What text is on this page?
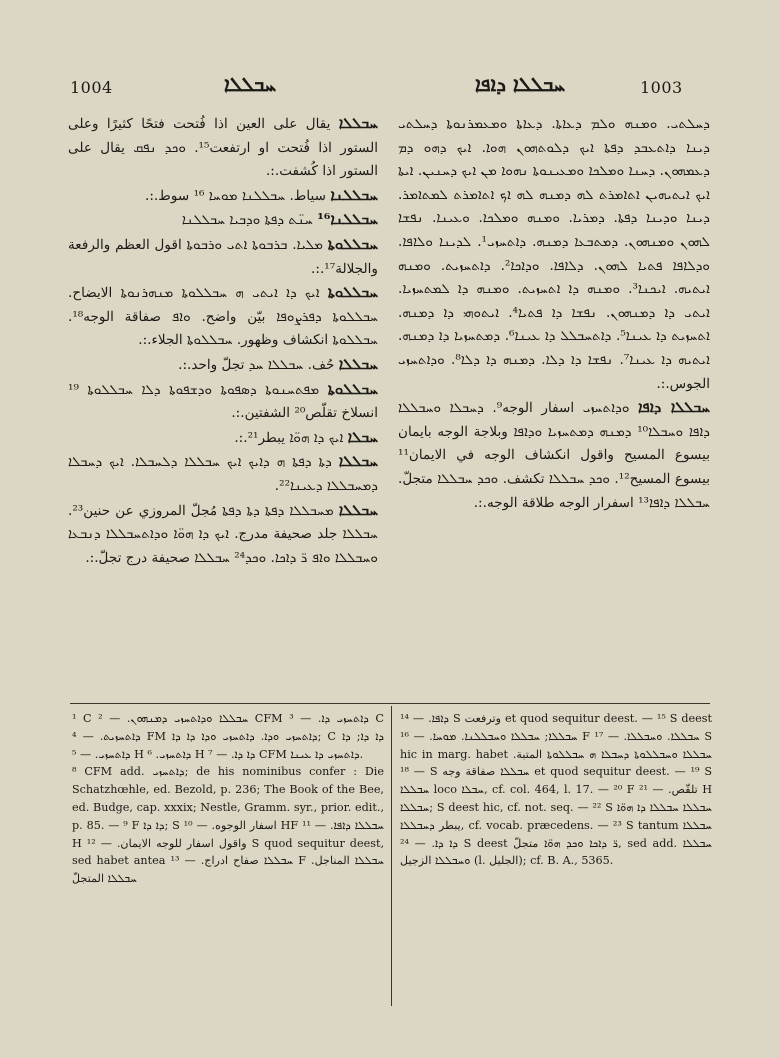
1004	ܚܒܠܠܐ	ܚܒܠܠܐ ܕܐܦܐ	1003

ܚܒܠܠܐ يقال على العين اذا فُتحت فتحًا كثيرًا وعلى الستور اذا فُتحت او ارتفعت¹⁵. ܘܟܕ ܢܦܩ يقال على الستور اذا كُشفت.:.

ܚܒܠܠܢܐ سياط. ܚܒܠܠܢܐ ܡܘܚܐ ¹⁶ سوط.:.

ܚܒܠܠܢܐ¹⁶ ܚܢ̈ܬ ܕܦܬܐ ܘܕܒܝܐ ܚܒܠܠܢܐ

ܚܒܠܠܘܬܐ ܡܠܝܐ. ܒܪܒܘܬܐ ܐܬܝ ܘܪܒܘܬܐ اقول العظم والرفعة والجلالة¹⁷.:.

ܚܒܠܠܘܬܐ ܐܝܟ ܕܐ ܐܝܬܝ ܗ ܚܒܠܠܘܬܐ ܡܢܗܪܢܘܬܐ الايضاح. ܚܒܠܠܘܬܐ ܕܦܪܨܘܦܐ بيّن واضح. ܘܐܦ صفاقة الوجه¹⁸. ܚܒܠܠܘܬܐ انكشاف وظهور. ܚܒܠܠܘܬܐ الجلاء.:.

ܚܒܠܠܐ حُف. ܚܒܠܠܐ ܚܕ تجلّ واحد.:.

ܚܒܠܠܘܬܐ ܡܦܬܚܢܘܬܐ ܕܣܦܘܬܐ ܘܕܫܦܘܬܐ ܕܠܐ ܚܒܠܠܘܬܐ ¹⁹ انسلاخ تقلّص²⁰ الشفتين.:.

ܚܒܠܐ ܐܝܟ ܕܐ ܗܘ̈ܐ يبطر²¹.:.

ܚܒܠܠܐ ܕܬܐ ܕܦܬܐ ܗ ܕܐܝܟ ܐܝܟ ܚܒܠܠܐ ܕܠܚܒܠܐ. ܐܝܟ ܕܚܒܠܐ ܕܡܚܒܠܠܐ ܕܥܝܢܐ²².

ܚܒܠܠܐ ܡܚܒܠܠܐ ܕܦܬܐ ܕܬܐ ܕܦܬܐ مُجلّ المروزي عن حنين²³. ܚܒܠܠܐ جلد صحيفة مدرج. ܐܝܟ ܕܐ ܗܘ̈ܐ ܘܕܐܬܚܒܠܠܐ ܕܢܒܥܐ ܘܚܒܠܠܐ ܘܐܦ ܪ̈ ܕܐܟܐ. ܘܟܕ²⁴ ܚܒܠܠܐ صحيفة درج تجلّ.:.

ܕܚܠܬܝ. ܘܡܢܗ ܘܠܡ ܕܥܐܬܐ. ܕܥܐܬܐ ܘܡܥܡܪܢܘܬܐ ܕܚܠܬܝ ܕܝܢܐ ܕܐܬܥܒܕ ܕܦܬܐ ܐܝܟ ܕܠܘܬܗܘܢ ܗܘܐ. ܐܝܟ ܕܗܘ ܕܡ ܕܥܡܗܘܢ. ܕܚܢܐ ܘܡܠܟܐ ܘܡܥܝܢܘܬܐ ܢܗܘܐ ܡܢ ܐܝܟ ܕܚܢܝܢ. ܐܝܬܐ ܐܝܟ ܐܝܬܝܗܝܢ ܐܬܐܡܪܬ ܠܗ ܕܡܢܗ ܠܗ ܐܟ ܐܬܐܡܪܬ ܠܡܬܐܡܪ. ܕܝܢܐ ܘܕܝܢܐ ܕܦܬܐ. ܕܡܪܝܐ. ܘܡܢܗ ܘܡܠܟܐ. ܘܥܝܢܐ. ܢܦܫܐ ܠܗܘܢ ܘܡܢܗܘܢ. ܕܡܬܒܥܐ ܕܡܢܗ. ܕܐܬܚܙܝ¹. ܠܕܝܢܐ ܘܠܐܦܐ. ܘܕܠܐܦܐ ܦܬܝܐ ܠܗܘܢ. ܕܠܐܦܐ. ܘܕܐܟܐ². ܕܐܬܚܙܝܬ. ܘܡܢܗ ܐܝܬܝܗ. ܐܝܟܢܐ³. ܘܡܢܗ ܕܐ ܐܬܚܙܝܬ. ܘܡܢܗ ܕܐ ܠܡܬܚܙܝܐ. ܐܝܬܝ ܕܐ ܕܡܢܗܘܢ. ܢܦܫܐ ܕܐ ܦܬܝܐ⁴. ܐܝܬܘܗܝ ܕܐ ܕܡܢܗ. ܐܬܚܙܝܬ ܕܐ ܥܝܢܐ⁵. ܕܐܬܚܒܠܠ ܕܐ ܥܝܢܐ⁶. ܕܡܬܚܙܝܐ ܕܐ ܕܡܢܗ. ܐܝܬܝܗ ܕܐ ܥܝܢܐ⁷. ܢܦܫܐ ܕܐ ܕܠܐ. ܕܡܢܗ ܕܐ ܕܠܐ⁸. ܘܕܐܬܚܙܝ الجوس.:.

ܚܒܠܠܐ ܕܐܦܐ ܘܕܐܬܚܙܝ اسفار الوجه⁹. ܕܚܒܠܐ ܘܚܒܠܠܐ ܕܐܦܐ ܘܚܒܠܐ¹⁰ ܕܡܢܗ ܕܡܬܚܙܝܐ ܘܕܐܦܐ وبلاجة الوجه بايمان بيسوع المسيح واقول انكشاف الوجه في الايمان¹¹ بيسوع المسيح¹². ܘܟܕ ܚܒܠܠܐ تكشف. ܘܟܕ ܚܒܠܠܐ متجلّ. ܚܒܠܠܐ ܕܐܦܐ¹³ اسفرار الوجه طلاقة الوجه.:.

¹ C ܚܒܠܠܐ ܘܕܐܬܚܙܝ ܕܡܢܗܘܢ. — ² CFM ܕܐܬܚܙܝ ܕܐ. — ³ C ܕܐܬܚܙܝܬ. — ⁴ FM ܕܐܬܚܙܝ ܘܕܐ. ܕܐܬܚܙܝ ܘܕܐ ܕܐ ܕܐ; C ܕܐ ܕܐ; ܕܐ ܕܐܬܚܙܝ. — ⁵ H ܕܐܬܚܙܝ. ⁶ H ܕܐ ܕܐ. — ⁷ CFM ܕܐܬܚܙܝ ܕܐ ܥܝܢܐ.

⁸ CFM add. ܕܐܬܚܙܝ; de his nominibus confer : Die Schatzhœhle, ed. Bezold, p. 236; The Book of the Bee, ed. Budge, cap. xxxix; Nestle, Gramm. syr., prior. edit., p. 85. — ⁹ F ܕܐ ܕܐ; S اسفار الوجوه. — ¹⁰ HF ܚܒܠܠܐ ܕܐܦܐ. — ¹¹ H واقول اسفار للوجه الايمان. — ¹² S quod sequitur deest, sed habet antea ܚܒܠܠܐ صفاح ادراج. — ¹³ F ܚܒܠܠܐ المناجل. ܚܒܠܠܐ المتجلّ

ܕܐܦܐ. — ¹⁴ S وترفعت et quod sequitur deest. — ¹⁵ S deest ܚܒܠܠܐ; ܚܒܠܠܐ ܘܚܒܠܠܢܐ. ܡܘܚܐ. — ¹⁶ F ܚܒܠܠܐ. ܘܚܒܠܠܐ. — ¹⁷ S hic in marg. habet ܚܒܠܠܐ ܘܚܒܠܠܘܬܐ ܕܚܒܠܐ ܗ ܚܒܠܠܘܬܐ المتبة. — ¹⁸ S ܚܒܠܠܐ صفاقة وجه et quod sequitur deest. — ¹⁹ S ܚܒܠܠܐ loco ܚܒܠܐ, cf. col. 464, l. 17. — ²⁰ F تلقّص. — ²¹ H ܚܒܠܠܐ; S deest hic, cf. not. seq. — ²² S ܚܒܠܠܐ ܚܒܠܠܐ ܕܐ ܗܘ̈ܐ يبطر ܕܚܒܠܠܐ, cf. vocab. præcedens. — ²³ S tantum ܚܒܠܠܐ ܕܐ ܕܐ. — ²⁴ S deest ܪ̈ ܕܐܟܐ ܘܟܕ ܗܘ̈ܐ متجلّ, sed add. ܚܒܠܠܐ ܘܚܒܠܠܐ الزجيل (l. الجليل); cf. B. A., 5365.
